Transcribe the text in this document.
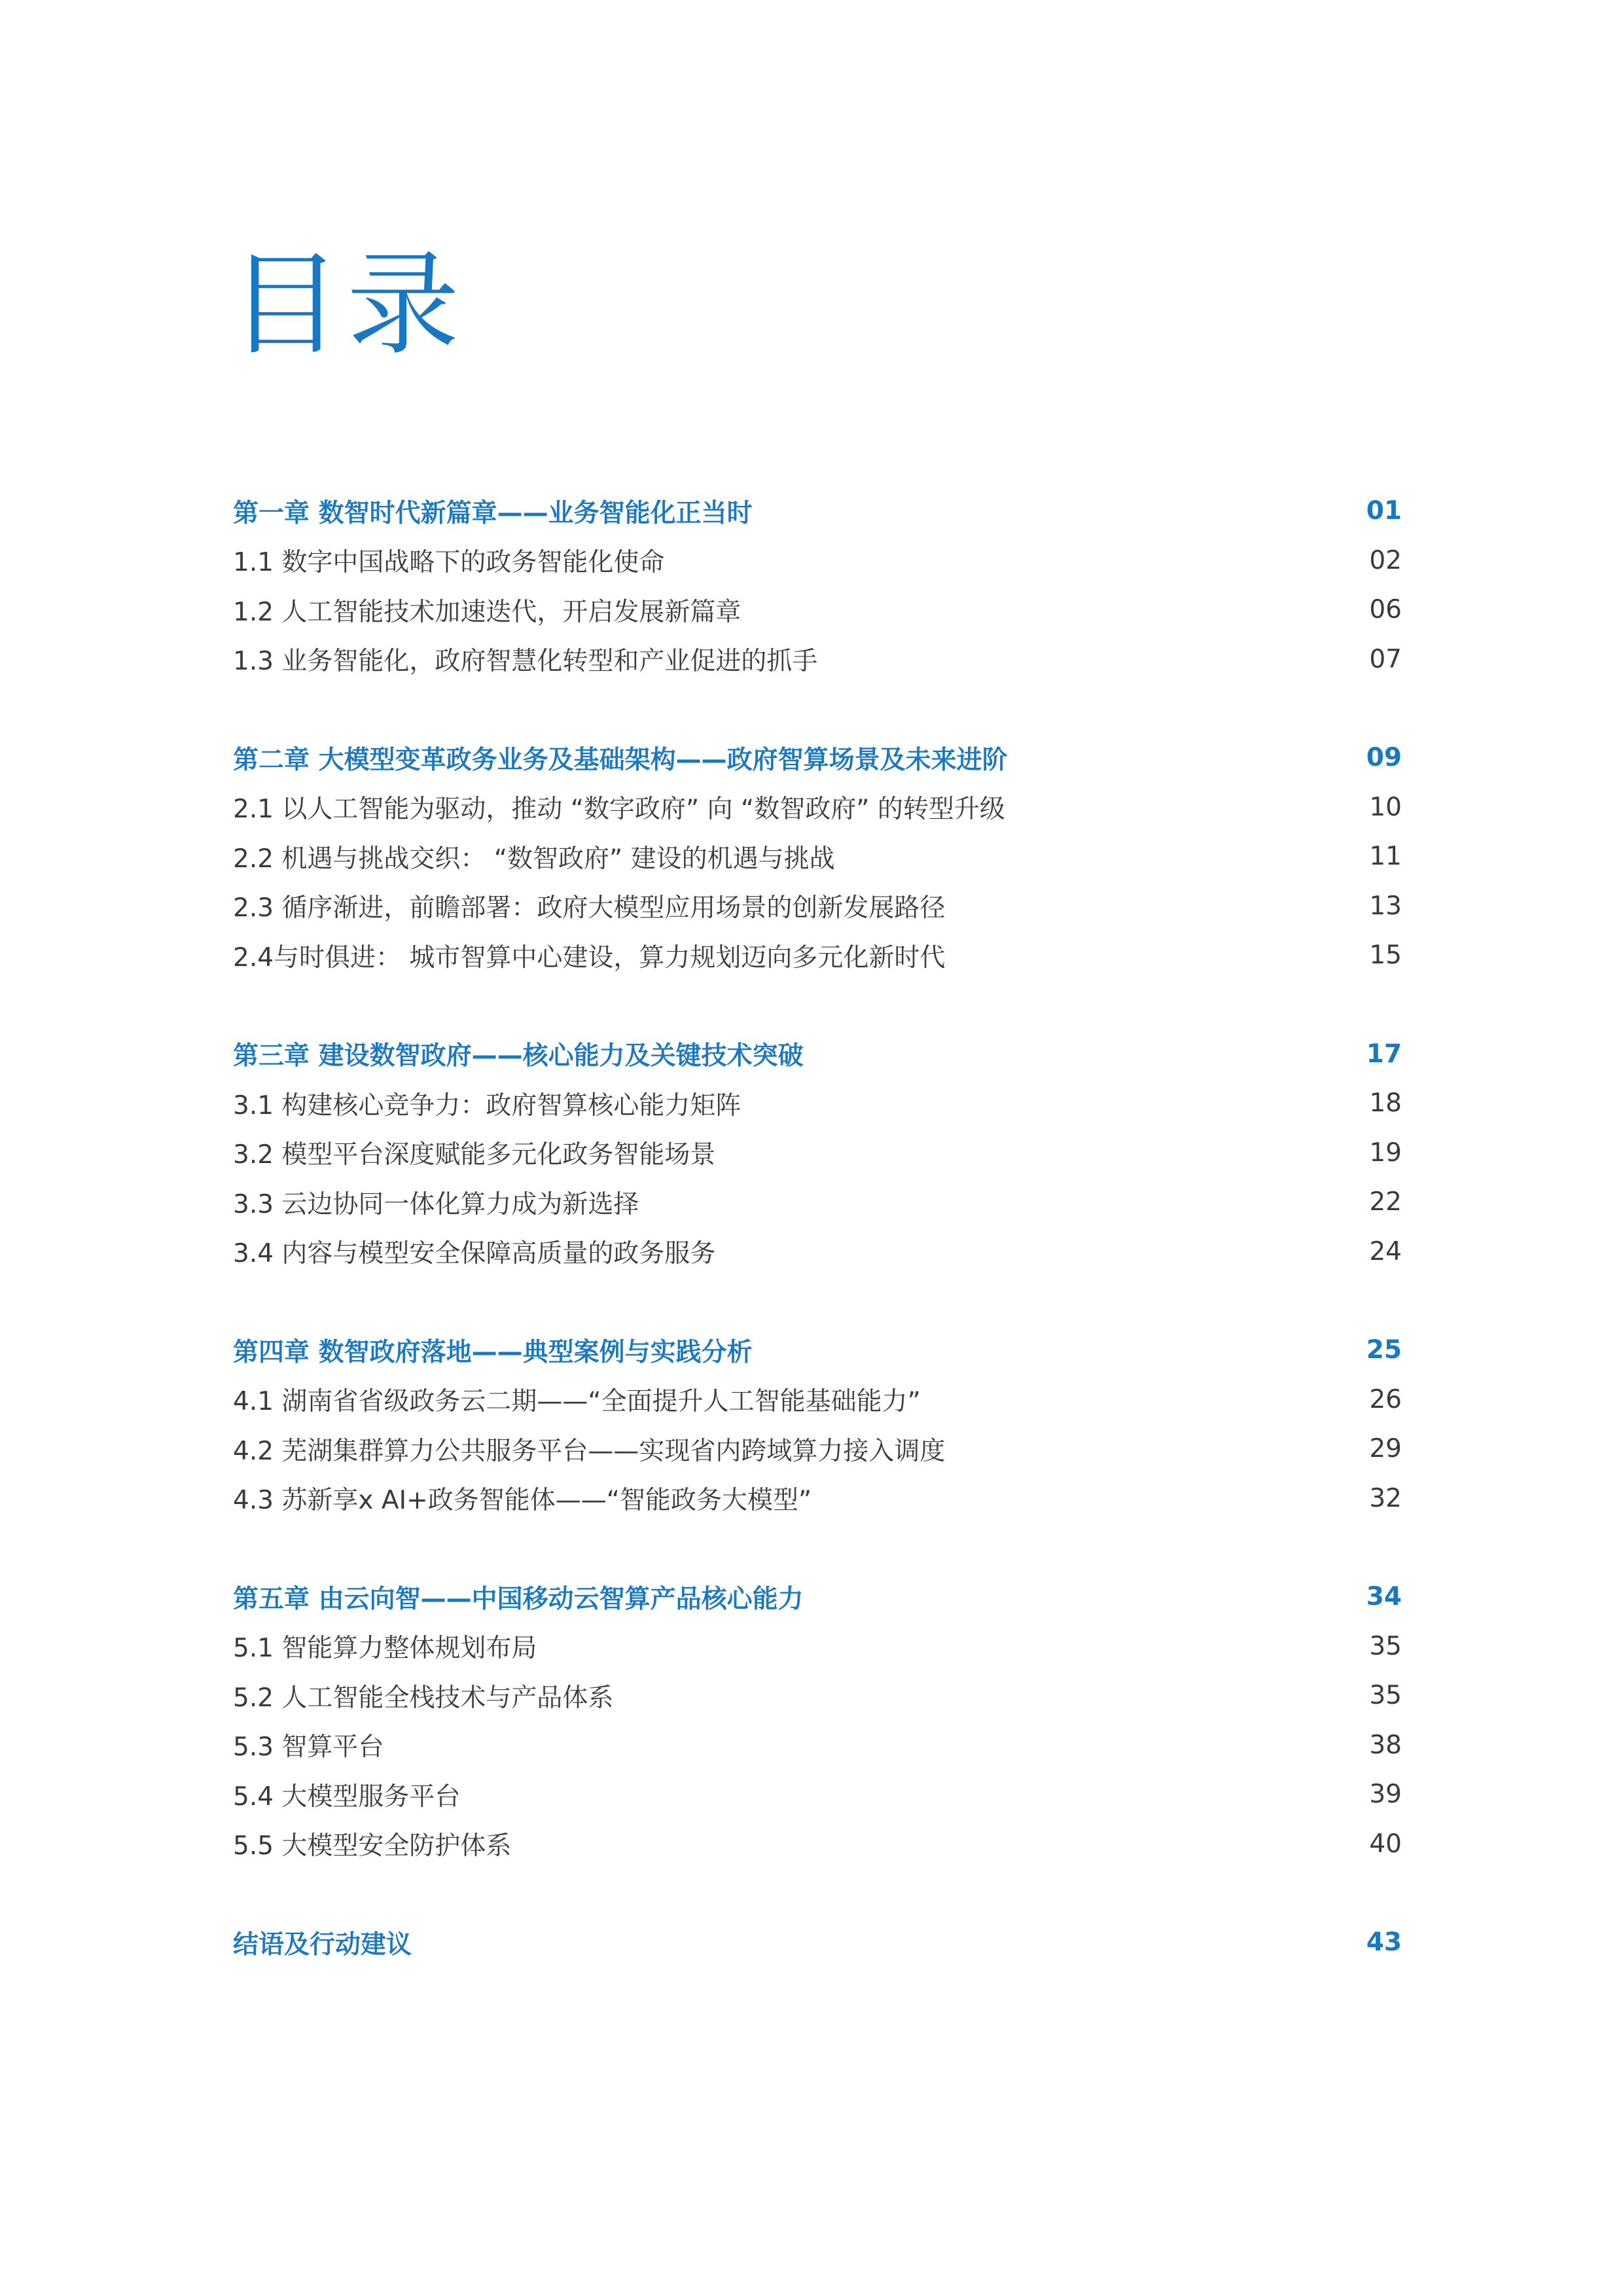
目录
第一章 数智时代新篇章——业务智能化正当时	01
1.1 数字中国战略下的政务智能化使命	02
1.2 人工智能技术加速迭代，开启发展新篇章	06
1.3 业务智能化，政府智慧化转型和产业促进的抓手	07
第二章 大模型变革政务业务及基础架构——政府智算场景及未来进阶	09
2.1 以人工智能为驱动，推动 “数字政府” 向 “数智政府” 的转型升级	10
2.2 机遇与挑战交织： “数智政府” 建设的机遇与挑战	11
2.3 循序渐进，前瞻部署：政府大模型应用场景的创新发展路径	13
2.4与时俱进： 城市智算中心建设，算力规划迈向多元化新时代	15
第三章 建设数智政府——核心能力及关键技术突破	17
3.1 构建核心竞争力：政府智算核心能力矩阵	18
3.2 模型平台深度赋能多元化政务智能场景	19
3.3 云边协同一体化算力成为新选择	22
3.4 内容与模型安全保障高质量的政务服务	24
第四章 数智政府落地——典型案例与实践分析	25
4.1 湖南省省级政务云二期——“全面提升人工智能基础能力”	26
4.2 芜湖集群算力公共服务平台——实现省内跨域算力接入调度	29
4.3 苏新享x AI+政务智能体——“智能政务大模型”	32
第五章 由云向智——中国移动云智算产品核心能力	34
5.1 智能算力整体规划布局	35
5.2 人工智能全栈技术与产品体系	35
5.3 智算平台	38
5.4 大模型服务平台	39
5.5 大模型安全防护体系	40
结语及行动建议	43
